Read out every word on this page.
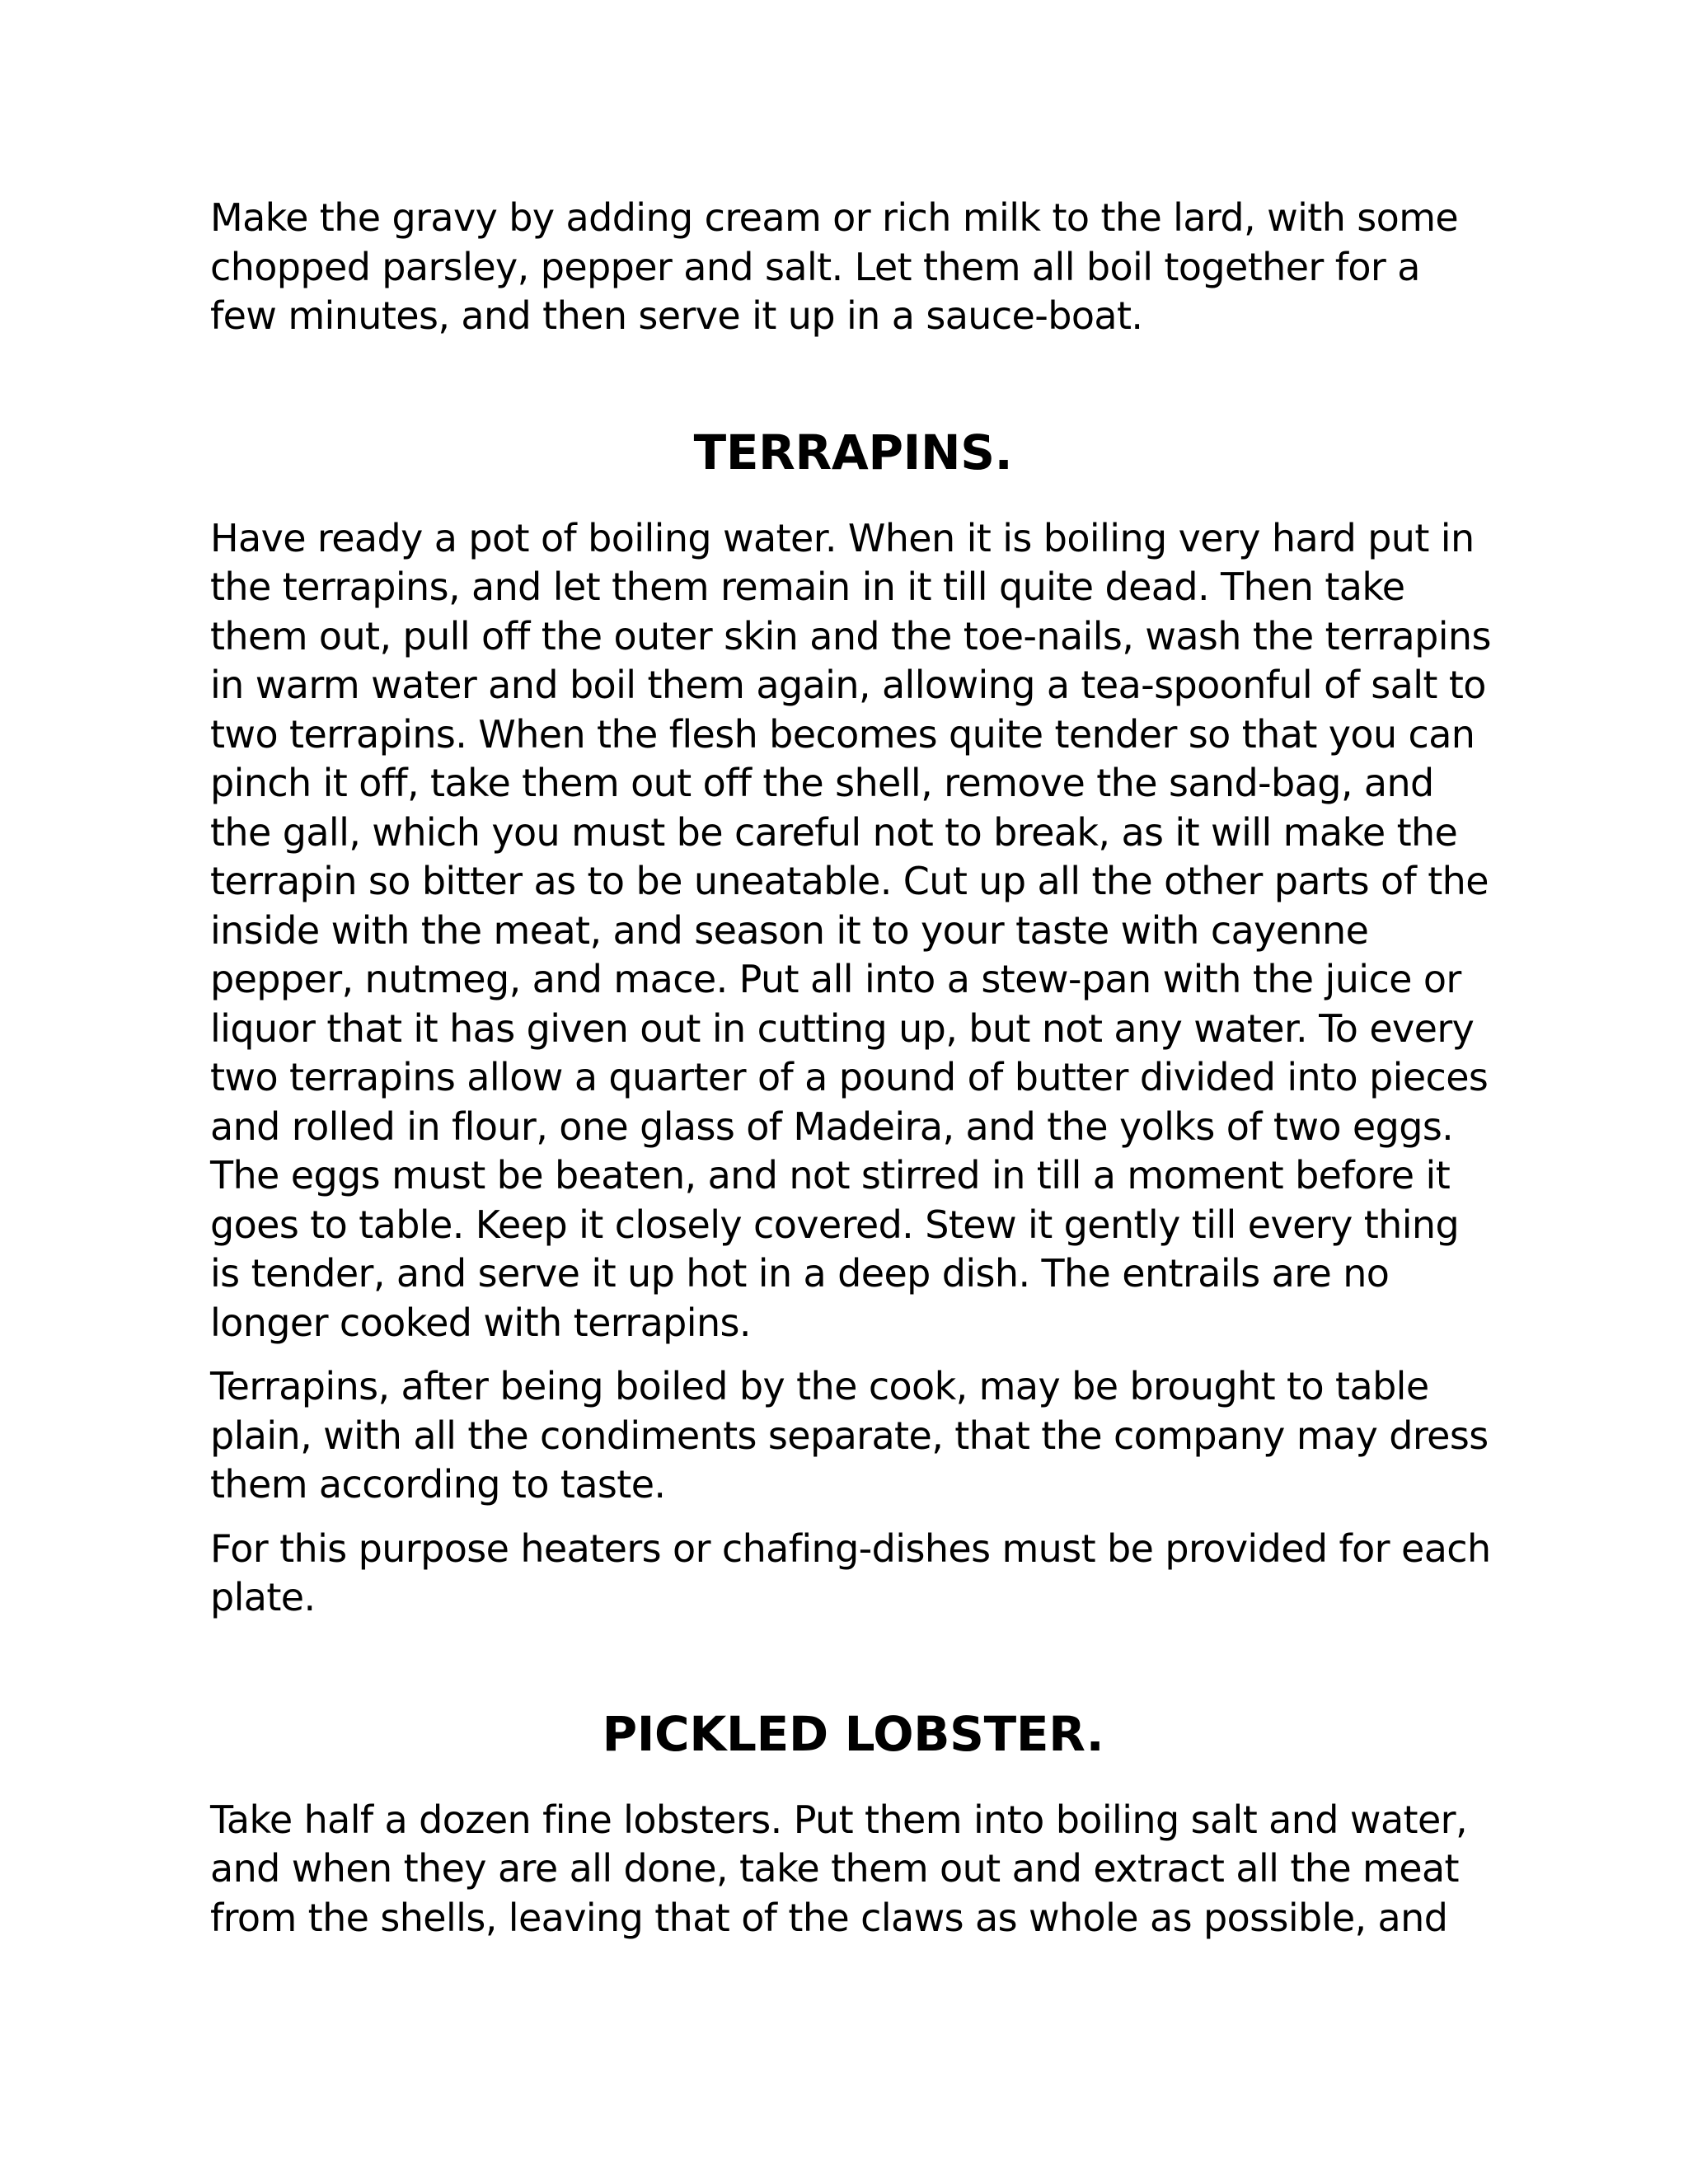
Make the gravy by adding cream or rich milk to the lard, with some chopped parsley, pepper and salt. Let them all boil together for a few minutes, and then serve it up in a sauce-boat.

TERRAPINS.

Have ready a pot of boiling water. When it is boiling very hard put in the terrapins, and let them remain in it till quite dead. Then take them out, pull off the outer skin and the toe-nails, wash the terrapins in warm water and boil them again, allowing a tea-spoonful of salt to two terrapins. When the flesh becomes quite tender so that you can pinch it off, take them out off the shell, remove the sand-bag, and the gall, which you must be careful not to break, as it will make the terrapin so bitter as to be uneatable. Cut up all the other parts of the inside with the meat, and season it to your taste with cayenne pepper, nutmeg, and mace. Put all into a stew-pan with the juice or liquor that it has given out in cutting up, but not any water. To every two terrapins allow a quarter of a pound of butter divided into pieces and rolled in flour, one glass of Madeira, and the yolks of two eggs. The eggs must be beaten, and not stirred in till a moment before it goes to table. Keep it closely covered. Stew it gently till every thing is tender, and serve it up hot in a deep dish. The entrails are no longer cooked with terrapins.

Terrapins, after being boiled by the cook, may be brought to table plain, with all the condiments separate, that the company may dress them according to taste.

For this purpose heaters or chafing-dishes must be provided for each plate.

PICKLED LOBSTER.

Take half a dozen fine lobsters. Put them into boiling salt and water, and when they are all done, take them out and extract all the meat from the shells, leaving that of the claws as whole as possible, and
